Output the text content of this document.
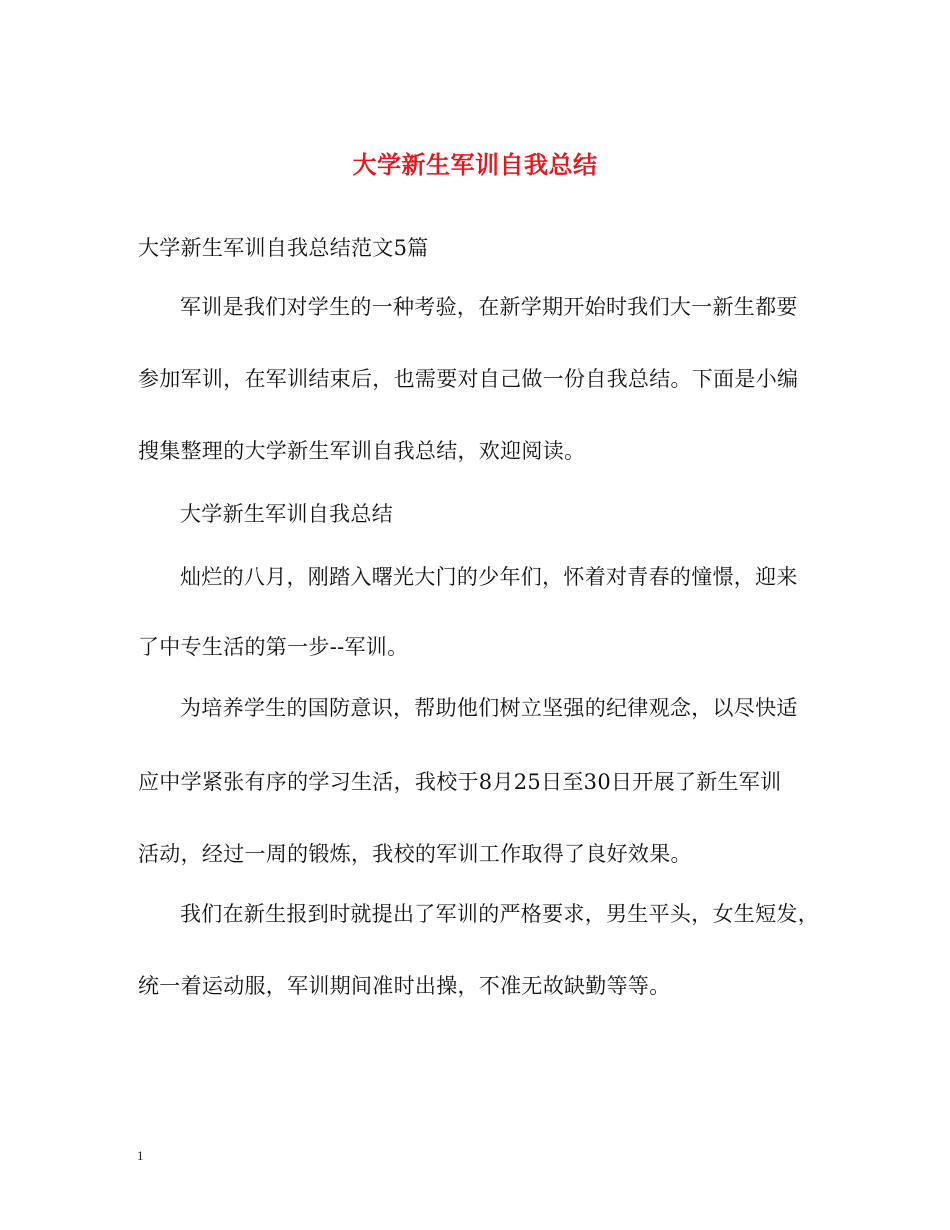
大学新生军训自我总结
大学新生军训自我总结范文5篇
军训是我们对学生的一种考验，在新学期开始时我们大一新生都要
参加军训，在军训结束后，也需要对自己做一份自我总结。下面是小编
搜集整理的大学新生军训自我总结，欢迎阅读。
大学新生军训自我总结
灿烂的八月，刚踏入曙光大门的少年们，怀着对青春的憧憬，迎来
了中专生活的第一步--军训。
为培养学生的国防意识，帮助他们树立坚强的纪律观念，以尽快适
应中学紧张有序的学习生活，我校于8月25日至30日开展了新生军训
活动，经过一周的锻炼，我校的军训工作取得了良好效果。
我们在新生报到时就提出了军训的严格要求，男生平头，女生短发，
统一着运动服，军训期间准时出操，不准无故缺勤等等。
1
